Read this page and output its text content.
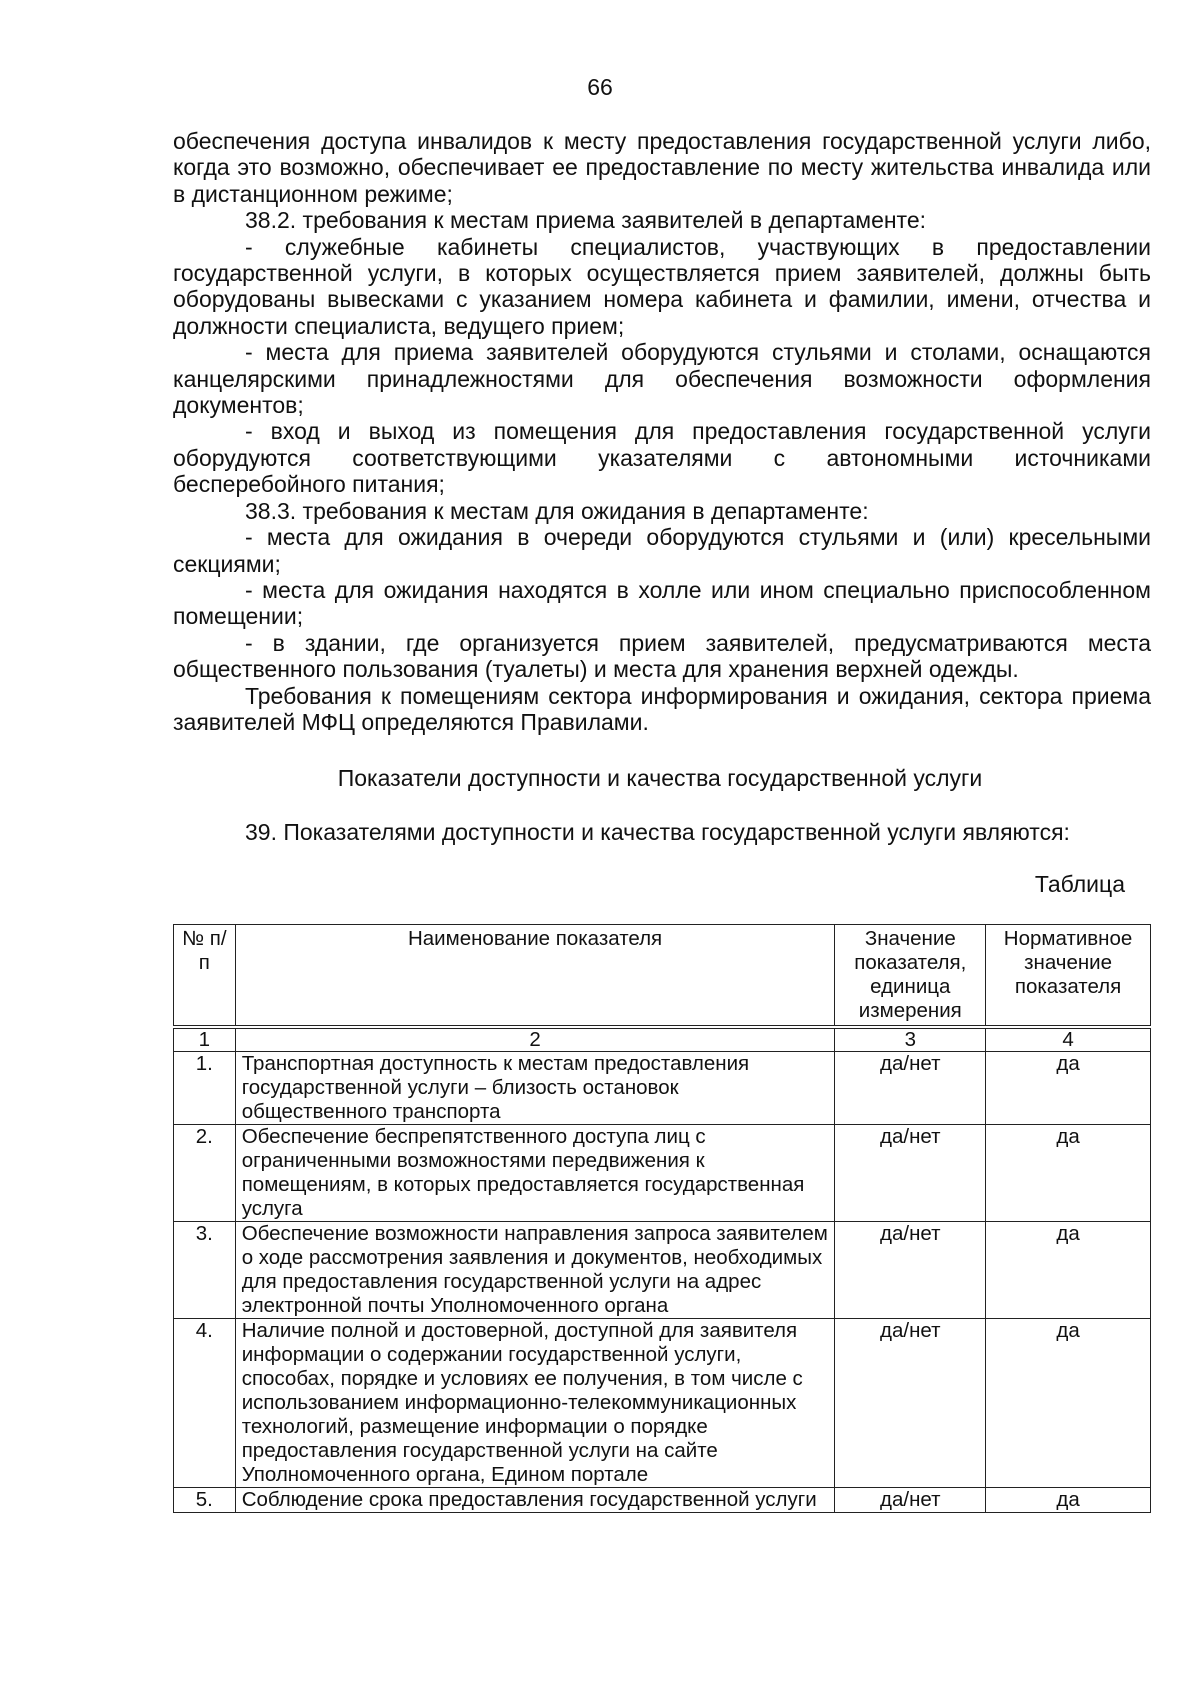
66

обеспечения доступа инвалидов к месту предоставления государственной услуги либо, когда это возможно, обеспечивает ее предоставление по месту жительства инвалида или в дистанционном режиме;

38.2. требования к местам приема заявителей в департаменте:

- служебные кабинеты специалистов, участвующих в предоставлении государственной услуги, в которых осуществляется прием заявителей, должны быть оборудованы вывесками с указанием номера кабинета и фамилии, имени, отчества и должности специалиста, ведущего прием;

- места для приема заявителей оборудуются стульями и столами, оснащаются канцелярскими принадлежностями для обеспечения возможности оформления документов;

- вход и выход из помещения для предоставления государственной услуги оборудуются соответствующими указателями с автономными источниками бесперебойного питания;

38.3. требования к местам для ожидания в департаменте:

- места для ожидания в очереди оборудуются стульями и (или) кресельными секциями;

- места для ожидания находятся в холле или ином специально приспособленном помещении;

- в здании, где организуется прием заявителей, предусматриваются места общественного пользования (туалеты) и места для хранения верхней одежды.

Требования к помещениям сектора информирования и ожидания, сектора приема заявителей МФЦ определяются Правилами.

Показатели доступности и качества государственной услуги
39. Показателями доступности и качества государственной услуги являются:
Таблица
№ п/п	Наименование показателя	Значение показателя, единица измерения	Нормативное значение показателя
1	2	3	4
1.	Транспортная доступность к местам предоставления государственной услуги – близость остановок общественного транспорта	да/нет	да
2.	Обеспечение беспрепятственного доступа лиц с ограниченными возможностями передвижения к помещениям, в которых предоставляется государственная услуга	да/нет	да
3.	Обеспечение возможности направления запроса заявителем о ходе рассмотрения заявления и документов, необходимых для предоставления государственной услуги на адрес электронной почты Уполномоченного органа	да/нет	да
4.	Наличие полной и достоверной, доступной для заявителя информации о содержании государственной услуги, способах, порядке и условиях ее получения, в том числе с использованием информационно-телекоммуникационных технологий, размещение информации о порядке предоставления государственной услуги на сайте Уполномоченного органа, Едином портале	да/нет	да
5.	Соблюдение срока предоставления государственной услуги	да/нет	да
